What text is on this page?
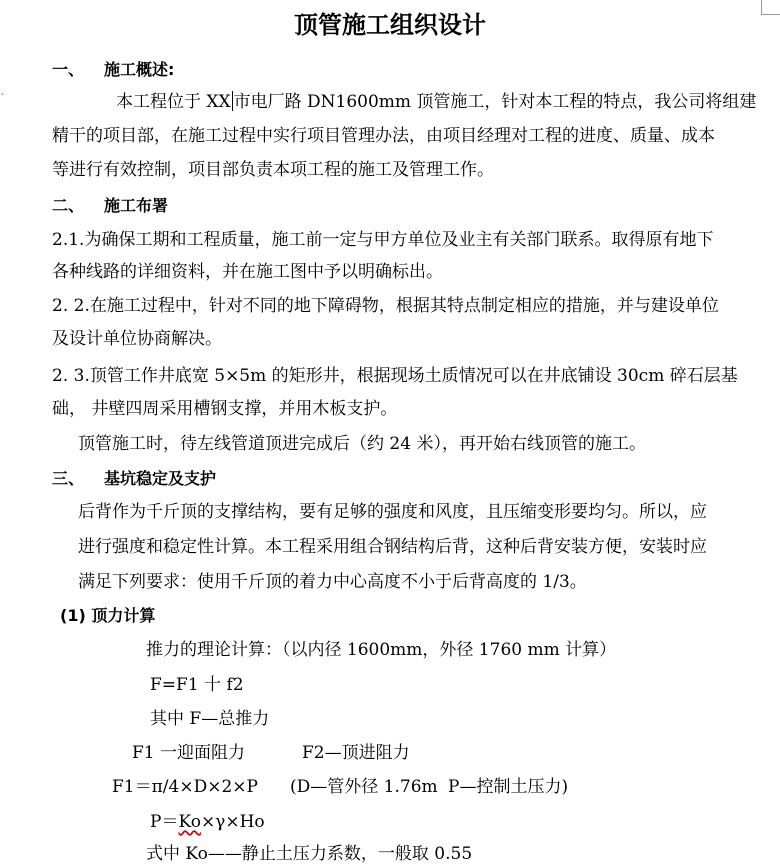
ˇ
顶管施工组织设计
一、 施工概述:
本工程位于 XX 市电厂路 DN1600mm 顶管施工，针对本工程的特点，我公司将组建
精干的项目部，在施工过程中实行项目管理办法，由项目经理对工程的进度、质量、成本
等进行有效控制，项目部负责本项工程的施工及管理工作。
二、 施工布署
2.1.为确保工期和工程质量，施工前一定与甲方单位及业主有关部门联系。取得原有地下
各种线路的详细资料，并在施工图中予以明确标出。
2. 2.在施工过程中，针对不同的地下障碍物，根据其特点制定相应的措施，并与建设单位
及设计单位协商解决。
2. 3.顶管工作井底宽 5×5m 的矩形井，根据现场土质情况可以在井底铺设 30cm 碎石层基
础， 井壁四周采用槽钢支撑，并用木板支护。
顶管施工时，待左线管道顶进完成后（约 24 米），再开始右线顶管的施工。
三、 基坑稳定及支护
后背作为千斤顶的支撑结构，要有足够的强度和风度，且压缩变形要均匀。所以，应
进行强度和稳定性计算。本工程采用组合钢结构后背，这种后背安装方便，安装时应
满足下列要求：使用千斤顶的着力中心高度不小于后背高度的 1/3。
(1) 顶力计算
推力的理论计算：（以内径 1600mm，外径 1760 mm 计算）
F=F1 十 f2
其中 F—总推力
F1 一迎面阻力	F2—顶进阻力
F1＝π/4×D×2×P (D—管外径 1.76m P—控制土压力)
P＝Ko×γ×Ho
式中 Ko——静止土压力系数，一般取 0.55
